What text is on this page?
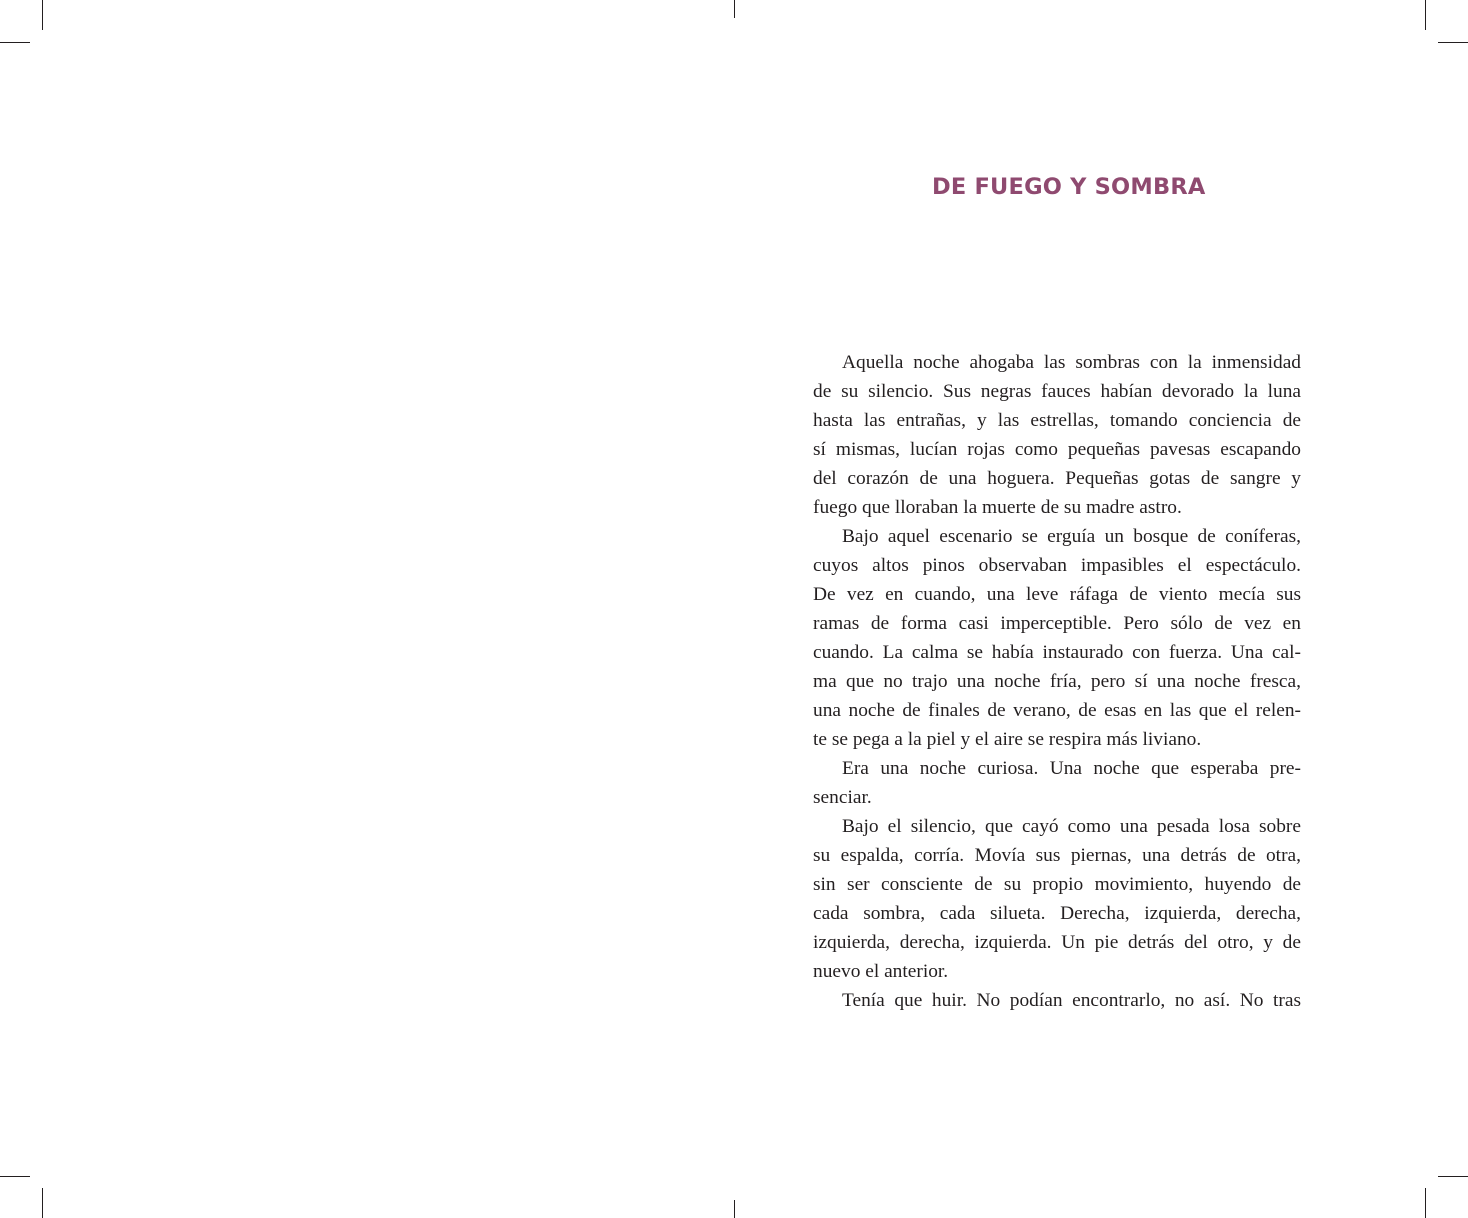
DE FUEGO Y SOMBRA
Aquella noche ahogaba las sombras con la inmensidad
de su silencio. Sus negras fauces habían devorado la luna
hasta las entrañas, y las estrellas, tomando conciencia de
sí mismas, lucían rojas como pequeñas pavesas escapando
del corazón de una hoguera. Pequeñas gotas de sangre y
fuego que lloraban la muerte de su madre astro.
Bajo aquel escenario se erguía un bosque de coníferas,
cuyos altos pinos observaban impasibles el espectáculo.
De vez en cuando, una leve ráfaga de viento mecía sus
ramas de forma casi imperceptible. Pero sólo de vez en
cuando. La calma se había instaurado con fuerza. Una cal-
ma que no trajo una noche fría, pero sí una noche fresca,
una noche de finales de verano, de esas en las que el relen-
te se pega a la piel y el aire se respira más liviano.
Era una noche curiosa. Una noche que esperaba pre-
senciar.
Bajo el silencio, que cayó como una pesada losa sobre
su espalda, corría. Movía sus piernas, una detrás de otra,
sin ser consciente de su propio movimiento, huyendo de
cada sombra, cada silueta. Derecha, izquierda, derecha,
izquierda, derecha, izquierda. Un pie detrás del otro, y de
nuevo el anterior.
Tenía que huir. No podían encontrarlo, no así. No tras
